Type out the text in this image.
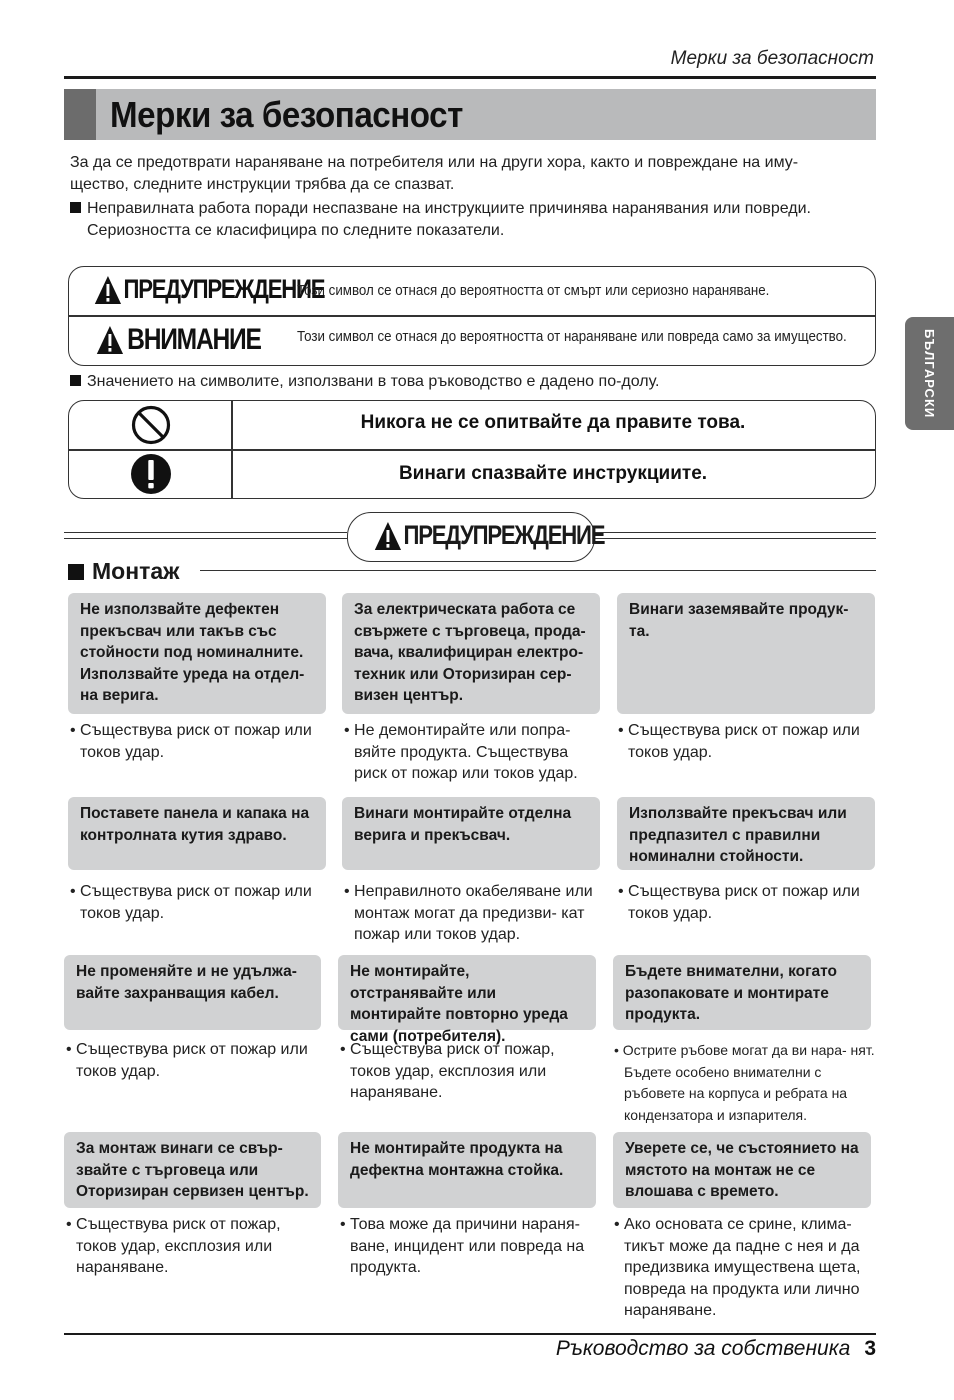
Мерки за безопасност
Мерки за безопасност
За да се предотврати нараняване на потребителя или на други хора, както и повреждане на иму-
щество, следните инструкции трябва да се спазват.
Неправилната работа поради неспазване на инструкциите причинява наранявания или повреди.
Сериозността се класифицира по следните показатели.
ПРЕДУПРЕЖДЕНИЕ
Този символ се отнася до вероятността от смърт или сериозно нараняване.
ВНИМАНИЕ	Този символ се отнася до вероятността от нараняване или повреда само за имущество.
Значението на символите, използвани в това ръководство е дадено по-долу.
Никога не се опитвайте да правите това.
Винаги спазвайте инструкциите.
ПРЕДУПРЕЖДЕНИЕ
Монтаж
Не използвайте дефектен прекъсвач или такъв със стойности под номиналните. Използвайте уреда на отдел- на верига.
За електрическата работа се свържете с търговеца, прода- вача, квалифициран електро- техник или Оторизиран сер- визен център.
Винаги заземявайте продук- та.
• Съществува риск от пожар или токов удар.
• Не демонтирайте или попра- вяйте продукта. Съществува риск от пожар или токов удар.
• Съществува риск от пожар или токов удар.
Поставете панела и капака на контролната кутия здраво.
Винаги монтирайте отделна верига и прекъсвач.
Използвайте прекъсвач или предпазител с правилни номинални стойности.
• Съществува риск от пожар или токов удар.
• Неправилното окабеляване или монтаж могат да предизви- кат пожар или токов удар.
• Съществува риск от пожар или токов удар.
Не променяйте и не удължа- вайте захранващия кабел.
Не монтирайте, отстранявайте или монтирайте повторно уреда сами (потребителя).
Бъдете внимателни, когато разопаковате и монтирате продукта.
• Съществува риск от пожар или токов удар.
• Съществува риск от пожар, токов удар, експлозия или нараняване.
• Острите ръбове могат да ви нара- нят. Бъдете особено внимателни с ръбовете на корпуса и ребрата на кондензатора и изпарителя.
За монтаж винаги се свър- звайте с търговеца или Оторизиран сервизен център.
Не монтирайте продукта на дефектна монтажна стойка.
Уверете се, че състоянието на мястото на монтаж не се влошава с времето.
• Съществува риск от пожар, токов удар, експлозия или нараняване.
• Това може да причини нараня- ване, инцидент или повреда на продукта.
• Ако основата се срине, клима- тикът може да падне с нея и да предизвика имуществена щета, повреда на продукта или лично нараняване.
Ръководство за собственика 3
БЪЛГАРСКИ
